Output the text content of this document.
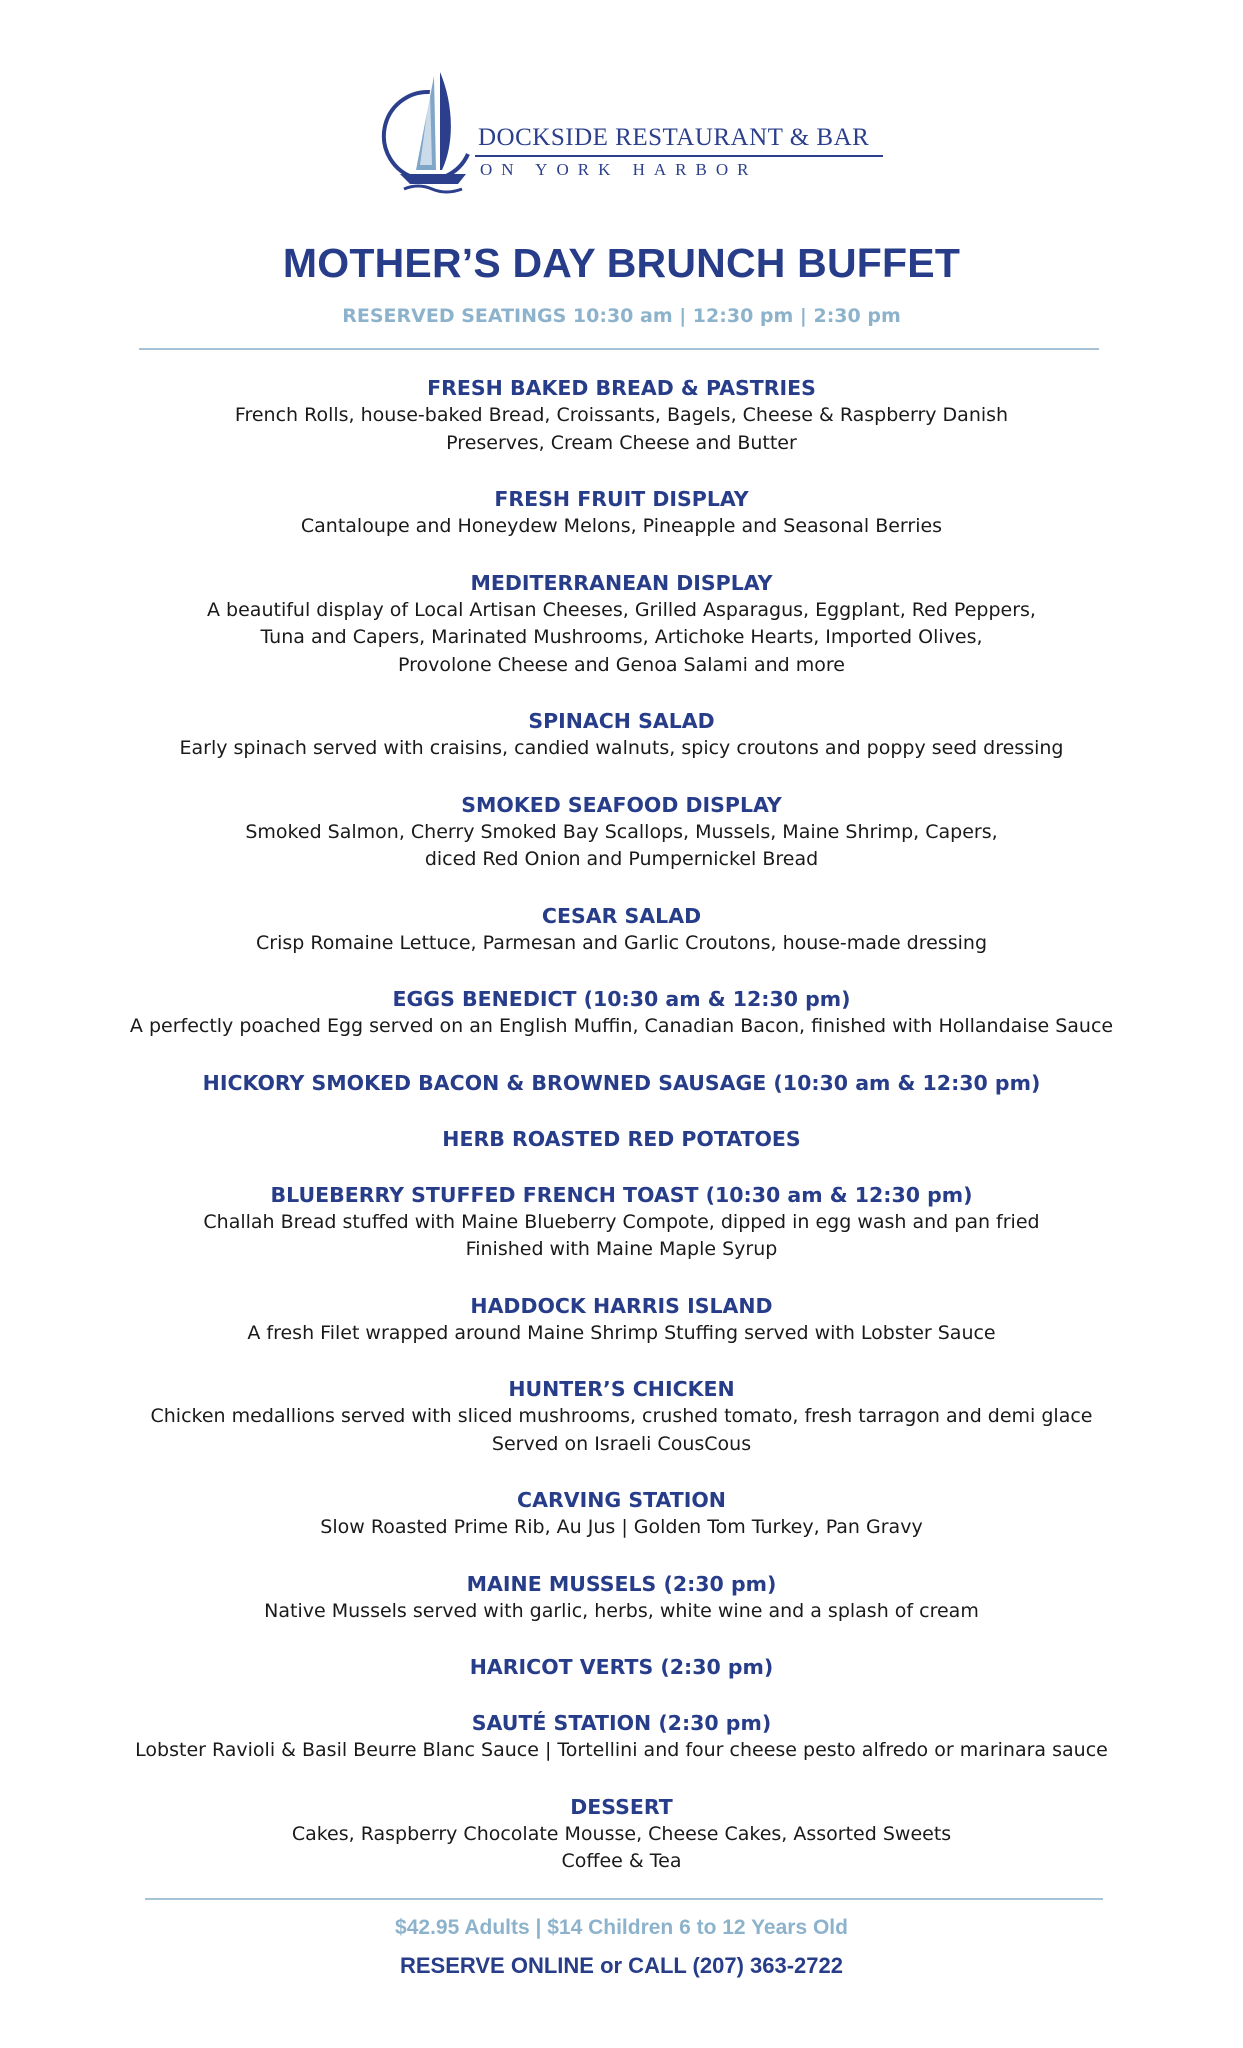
DOCKSIDE RESTAURANT & BAR
ON YORK HARBOR
MOTHER’S DAY BRUNCH BUFFET
RESERVED SEATINGS 10:30 am | 12:30 pm | 2:30 pm
FRESH BAKED BREAD & PASTRIES
French Rolls, house-baked Bread, Croissants, Bagels, Cheese & Raspberry Danish
Preserves, Cream Cheese and Butter
FRESH FRUIT DISPLAY
Cantaloupe and Honeydew Melons, Pineapple and Seasonal Berries
MEDITERRANEAN DISPLAY
A beautiful display of Local Artisan Cheeses, Grilled Asparagus, Eggplant, Red Peppers,
Tuna and Capers, Marinated Mushrooms, Artichoke Hearts, Imported Olives,
Provolone Cheese and Genoa Salami and more
SPINACH SALAD
Early spinach served with craisins, candied walnuts, spicy croutons and poppy seed dressing
SMOKED SEAFOOD DISPLAY
Smoked Salmon, Cherry Smoked Bay Scallops, Mussels, Maine Shrimp, Capers,
diced Red Onion and Pumpernickel Bread
CESAR SALAD
Crisp Romaine Lettuce, Parmesan and Garlic Croutons, house-made dressing
EGGS BENEDICT (10:30 am & 12:30 pm)
A perfectly poached Egg served on an English Muffin, Canadian Bacon, finished with Hollandaise Sauce
HICKORY SMOKED BACON & BROWNED SAUSAGE (10:30 am & 12:30 pm)
HERB ROASTED RED POTATOES
BLUEBERRY STUFFED FRENCH TOAST (10:30 am & 12:30 pm)
Challah Bread stuffed with Maine Blueberry Compote, dipped in egg wash and pan fried
Finished with Maine Maple Syrup
HADDOCK HARRIS ISLAND
A fresh Filet wrapped around Maine Shrimp Stuffing served with Lobster Sauce
HUNTER’S CHICKEN
Chicken medallions served with sliced mushrooms, crushed tomato, fresh tarragon and demi glace
Served on Israeli CousCous
CARVING STATION
Slow Roasted Prime Rib, Au Jus | Golden Tom Turkey, Pan Gravy
MAINE MUSSELS (2:30 pm)
Native Mussels served with garlic, herbs, white wine and a splash of cream
HARICOT VERTS (2:30 pm)
SAUTÉ STATION (2:30 pm)
Lobster Ravioli & Basil Beurre Blanc Sauce | Tortellini and four cheese pesto alfredo or marinara sauce
DESSERT
Cakes, Raspberry Chocolate Mousse, Cheese Cakes, Assorted Sweets
Coffee & Tea
$42.95 Adults | $14 Children 6 to 12 Years Old
RESERVE ONLINE or CALL (207) 363-2722
